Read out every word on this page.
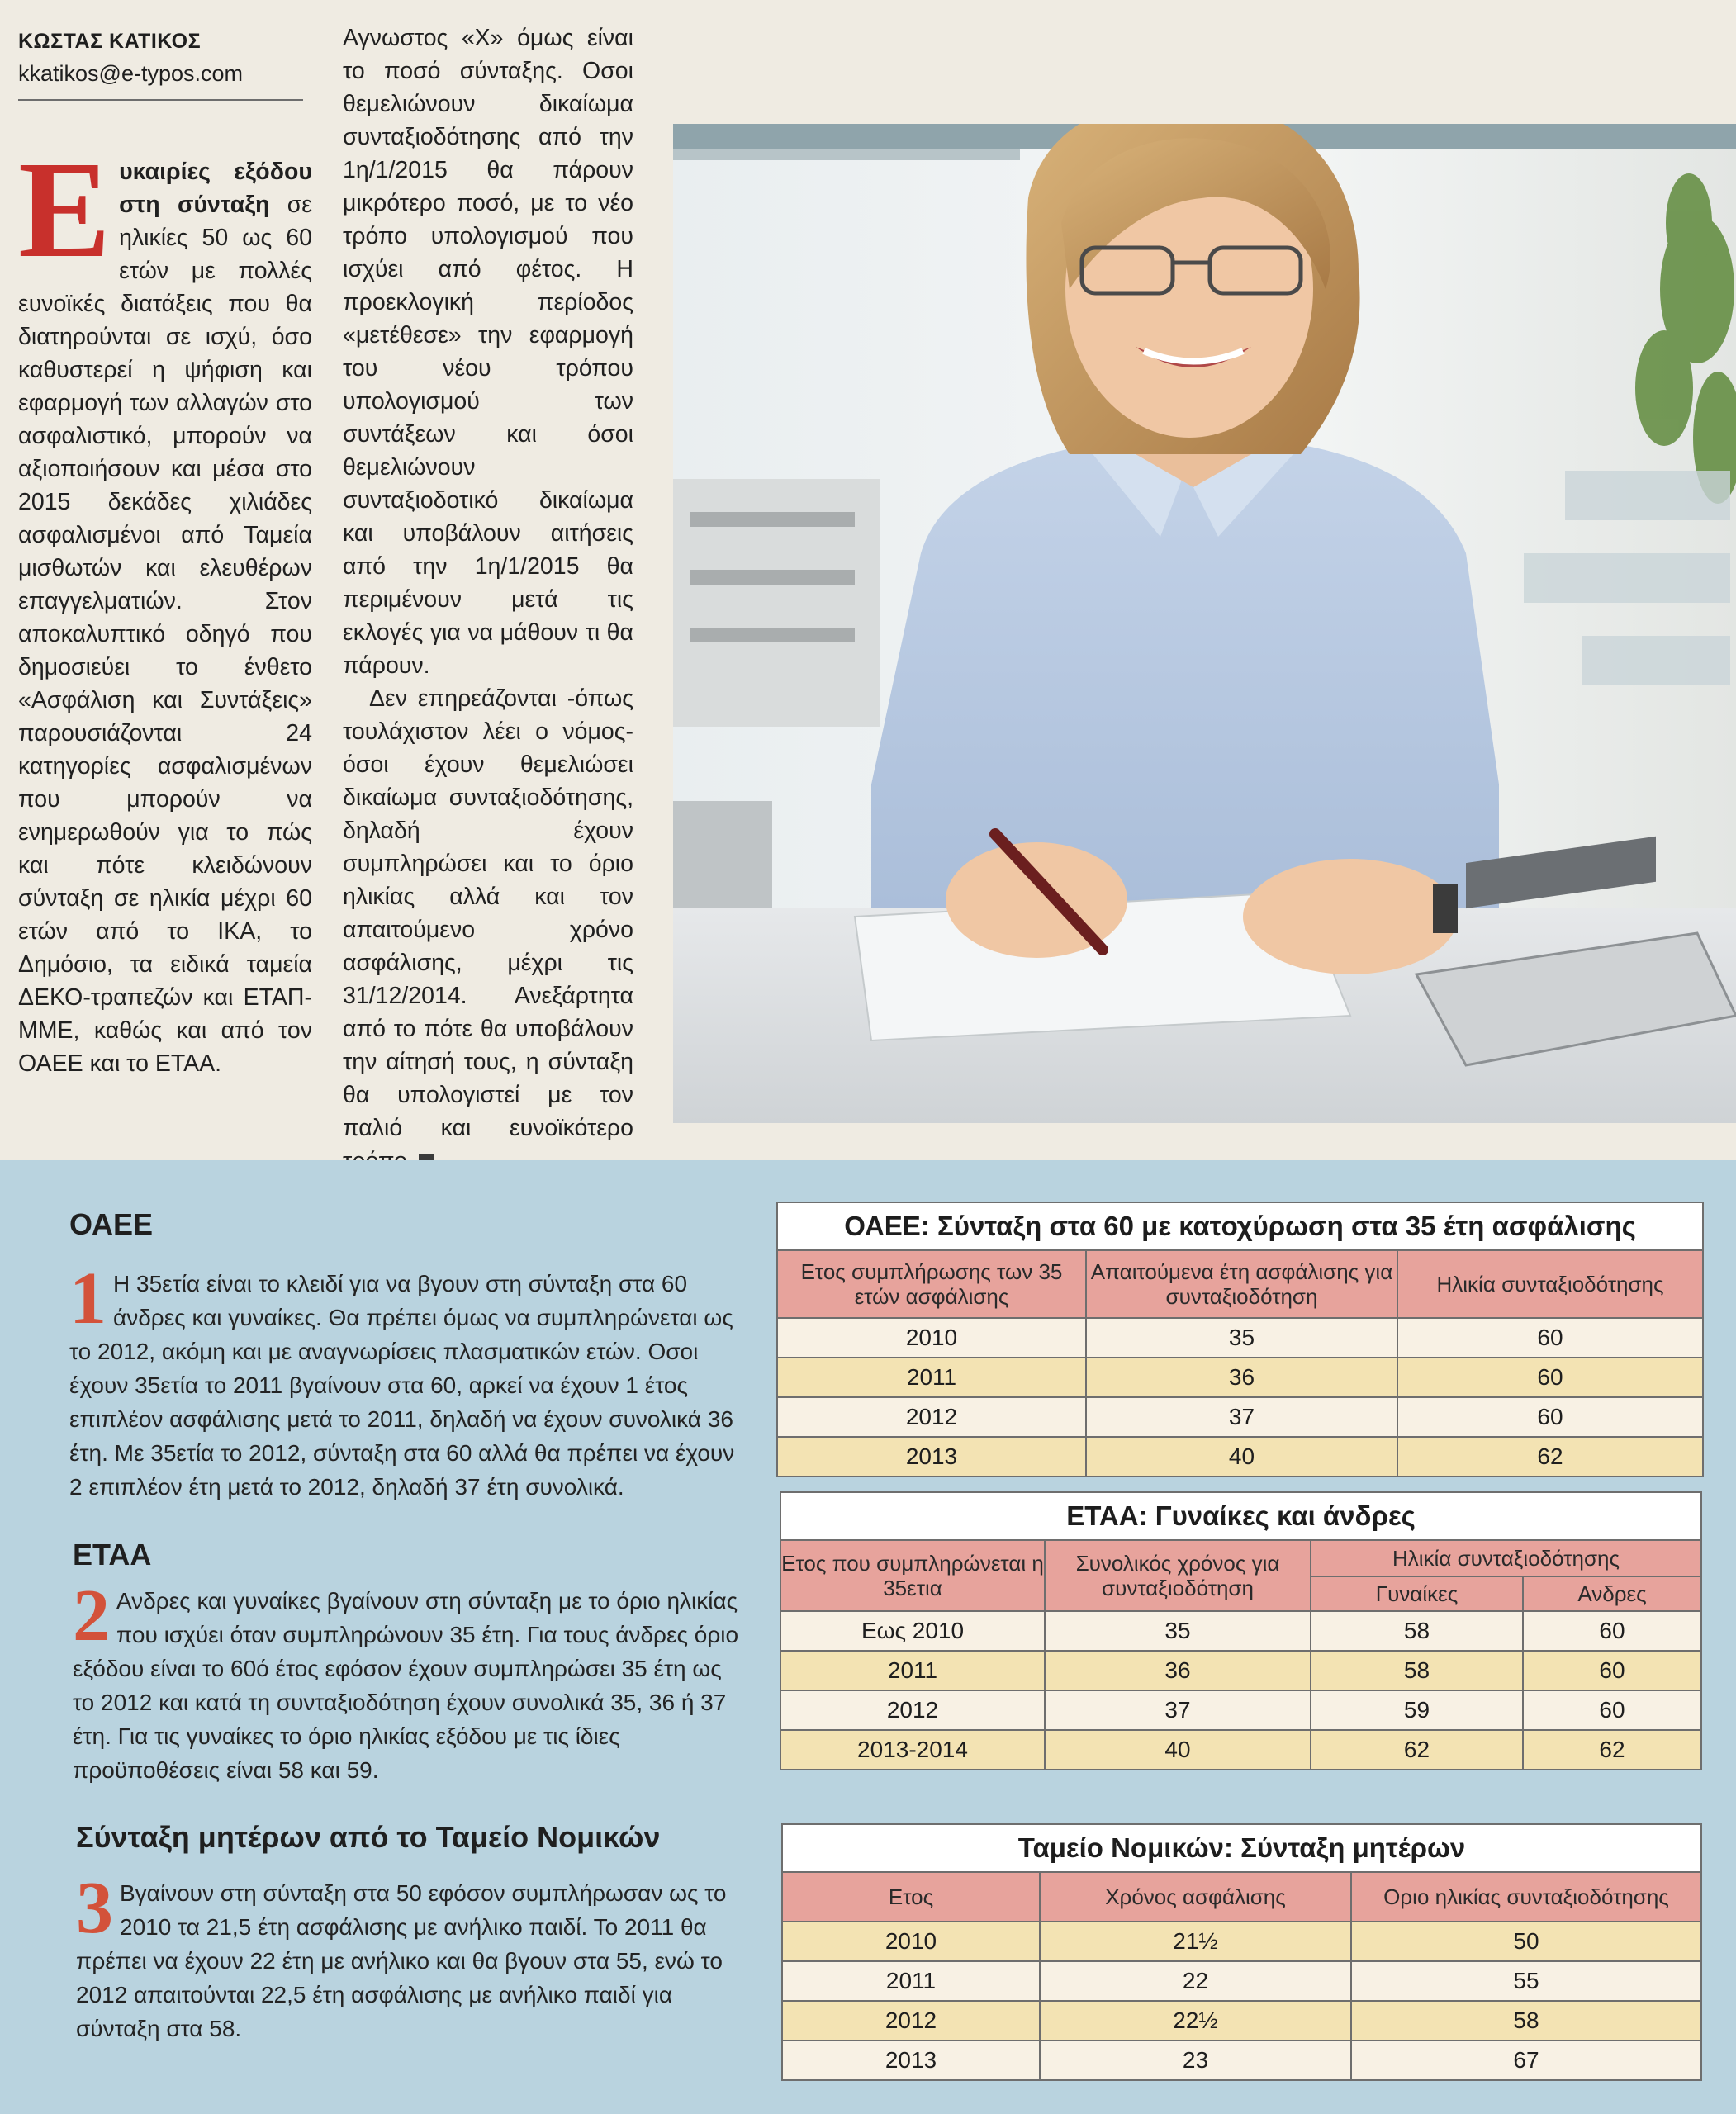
ΚΩΣΤΑΣ ΚΑΤΙΚΟΣ
kkatikos@e-typos.com
Ευκαιρίες εξόδου στη σύνταξη σε ηλικίες 50 ως 60 ετών με πολλές ευνοϊκές διατάξεις που θα διατηρούνται σε ισχύ, όσο καθυστερεί η ψήφιση και εφαρμογή των αλλαγών στο ασφαλιστικό, μπορούν να αξιοποιήσουν και μέσα στο 2015 δεκάδες χιλιάδες ασφαλισμένοι από Ταμεία μισθωτών και ελευθέρων επαγγελματιών. Στον αποκαλυπτικό οδηγό που δημοσιεύει το ένθετο «Ασφάλιση και Συντάξεις» παρουσιάζονται 24 κατηγορίες ασφαλισμένων που μπορούν να ενημερωθούν για το πώς και πότε κλειδώνουν σύνταξη σε ηλικία μέχρι 60 ετών από το ΙΚΑ, το Δημόσιο, τα ειδικά ταμεία ΔΕΚΟ-τραπεζών και ΕΤΑΠ-ΜΜΕ, καθώς και από τον ΟΑΕΕ και το ΕΤΑΑ.

Αγνωστος «Χ» όμως είναι το ποσό σύνταξης. Οσοι θεμελιώνουν δικαίωμα συνταξιοδότησης από την 1η/1/2015 θα πάρουν μικρότερο ποσό, με το νέο τρόπο υπολογισμού που ισχύει από φέτος. Η προεκλογική περίοδος «μετέθεσε» την εφαρμογή του νέου τρόπου υπολογισμού των συντάξεων και όσοι θεμελιώνουν συνταξιοδοτικό δικαίωμα και υποβάλουν αιτήσεις από την 1η/1/2015 θα περιμένουν μετά τις εκλογές για να μάθουν τι θα πάρουν.

Δεν επηρεάζονται -όπως τουλάχιστον λέει ο νόμος- όσοι έχουν θεμελιώσει δικαίωμα συνταξιοδότησης, δηλαδή έχουν συμπληρώσει και το όριο ηλικίας αλλά και τον απαιτούμενο χρόνο ασφάλισης, μέχρι τις 31/12/2014. Ανεξάρτητα από το πότε θα υποβάλουν την αίτησή τους, η σύνταξη θα υπολογιστεί με τον παλιό και ευνοϊκότερο

ΟΑΕΕ
1 Η 35ετία είναι το κλειδί για να βγουν στη σύνταξη στα 60 άνδρες και γυναίκες. Θα πρέπει όμως να συμπληρώνεται ως το 2012, ακόμη και με αναγνωρίσεις πλασματικών ετών. Οσοι έχουν 35ετία το 2011 βγαίνουν στα 60, αρκεί να έχουν 1 έτος επιπλέον ασφάλισης μετά το 2011, δηλαδή να έχουν συνολικά 36 έτη. Με 35ετία το 2012, σύνταξη στα 60 αλλά θα πρέπει να έχουν 2 επιπλέον έτη μετά το 2012, δηλαδή 37 έτη συνολικά.
ΕΤΑΑ
2 Ανδρες και γυναίκες βγαίνουν στη σύνταξη με το όριο ηλικίας που ισχύει όταν συμπληρώνουν 35 έτη. Για τους άνδρες όριο εξόδου είναι το 60ό έτος εφόσον έχουν συμπληρώσει 35 έτη ως το 2012 και κατά τη συνταξιοδότηση έχουν συνολικά 35, 36 ή 37 έτη. Για τις γυναίκες το όριο ηλικίας εξόδου με τις ίδιες προϋποθέσεις είναι 58 και 59.
Σύνταξη μητέρων από το Ταμείο Νομικών
3 Βγαίνουν στη σύνταξη στα 50 εφόσον συμπλήρωσαν ως το 2010 τα 21,5 έτη ασφάλισης με ανήλικο παιδί. Το 2011 θα πρέπει να έχουν 22 έτη με ανήλικο και θα βγουν στα 55, ενώ το 2012 απαιτούνται 22,5 έτη ασφάλισης με ανήλικο παιδί για σύνταξη στα 58.
ΟΑΕΕ: Σύνταξη στα 60 με κατοχύρωση στα 35 έτη ασφάλισης		
Ετος συμπλήρωσης των 35 ετών ασφάλισης	Απαιτούμενα έτη ασφάλισης για συνταξιοδότηση	Ηλικία συνταξιοδότησης
2010	35	60
2011	36	60
2012	37	60
2013	40	62
ΕΤΑΑ: Γυναίκες και άνδρες			
Ετος που συμπληρώνεται η 35ετια	Συνολικός χρόνος για συνταξιοδότηση	Ηλικία συνταξιοδότησης	
		Γυναίκες	Ανδρες
Εως 2010	35	58	60
2011	36	58	60
2012	37	59	60
2013-2014	40	62	62
Ταμείο Νομικών: Σύνταξη μητέρων		
Ετος	Χρόνος ασφάλισης	Οριο ηλικίας συνταξιοδότησης
2010	21½	50
2011	22	55
2012	22½	58
2013	23	67
